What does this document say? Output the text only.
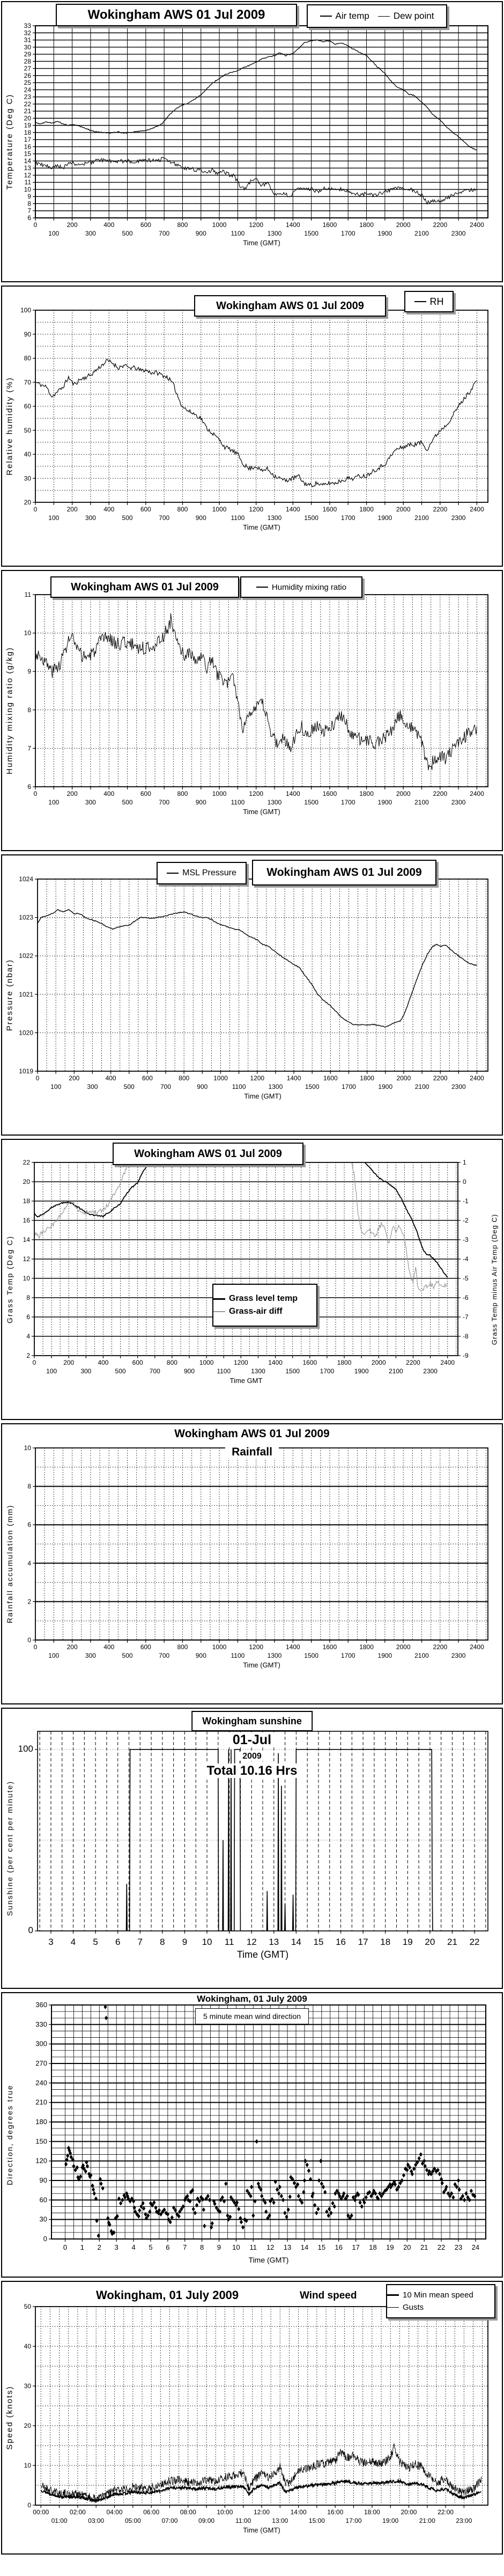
Temperature (Deg C)
0
100
200
300
400
500
600
700
800
900
1000
1100
1200
1300
1400
1500
1600
1700
1800
1900
2000
2100
2200
2300
2400
6
7
8
9
10
11
12
13
14
15
16
17
18
19
20
21
22
23
24
25
26
27
28
29
30
31
32
33
Time (GMT)
Wokingham AWS 01 Jul 2009	Air temp	Dew point
Relative humidity (%)
0
100
200
300
400
500
600
700
800
900
1000
1100
1200
1300
1400
1500
1600
1700
1800
1900
2000
2100
2200
2300
2400
20
30
40
50
60
70
80
90
100
Time (GMT)
Wokingham AWS 01 Jul 2009	RH
Humidity mixing ratio (g/kg)
0
100
200
300
400
500
600
700
800
900
1000
1100
1200
1300
1400
1500
1600
1700
1800
1900
2000
2100
2200
2300
2400
6
7
8
9
10
11
Time (GMT)
Wokingham AWS 01 Jul 2009	Humidity mixing ratio
Pressure (nbar)
0
100
200
300
400
500
600
700
800
900
1000
1100
1200
1300
1400
1500
1600
1700
1800
1900
2000
2100
2200
2300
2400
1019
1020
1021
1022
1023
1024
Time (GMT)
MSL Pressure	Wokingham AWS 01 Jul 2009
Grass Temp (Deg C)	Grass Temp minus Air Temp (Deg C)
0
100
200
300
400
500
600
700
800
900
1000
1100
1200
1300
1400
1500
1600
1700
1800
1900
2000
2100
2200
2300
2400
2
4
6
8
10
12
14
16
18
20
22
-9
-8
-7
-6
-5
-4
-3
-2
-1
0
1
Time GMT
Wokingham AWS 01 Jul 2009
Grass level temp
Grass-air diff
Rainfall accumulation (mm)
0
100
200
300
400
500
600
700
800
900
1000
1100
1200
1300
1400
1500
1600
1700
1800
1900
2000
2100
2200
2300
2400
0
2
4
6
8
10
Time (GMT)
Wokingham AWS 01 Jul 2009
Rainfall
Sunshine (per cent per minute)
3 4 5 6 7 8 9 10 11 12 13 14 15 16 17 18 19 20 21 22
0
100
Time (GMT)
Wokingham sunshine
01-Jul
2009
Total 10.16 Hrs
Direction, degrees true
0 1 2 3 4 5 6 7 8 9 10 11 12 13 14 15 16 17 18 19 20 21 22 23 24
0
30
60
90
120
150
180
210
240
270
300
330
360
Time (GMT)
Wokingham, 01 July 2009
5 minute mean wind direction
Speed (knots)
00:00
01:00
02:00
03:00
04:00
05:00
06:00
07:00
08:00
09:00
10:00
11:00
12:00
13:00
14:00
15:00
16:00
17:00
18:00
19:00
20:00
21:00
22:00
23:00
0
10
20
30
40
50
Time (GMT)
Wokingham, 01 July 2009	Wind speed	10 Min mean speed
Gusts
